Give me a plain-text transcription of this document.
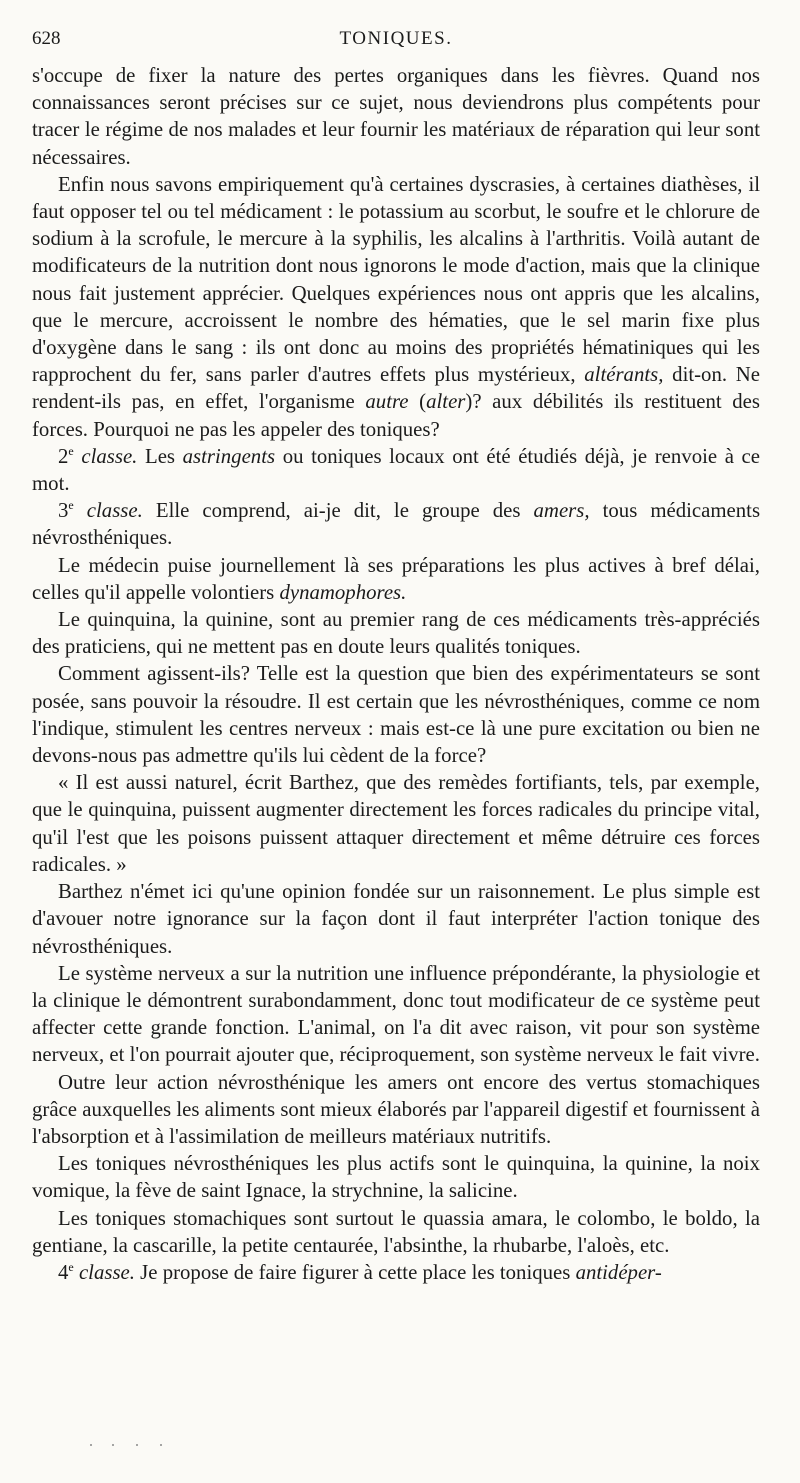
628	TONIQUES.

s'occupe de fixer la nature des pertes organiques dans les fièvres. Quand nos connaissances seront précises sur ce sujet, nous deviendrons plus compétents pour tracer le régime de nos malades et leur fournir les matériaux de réparation qui leur sont nécessaires.

Enfin nous savons empiriquement qu'à certaines dyscrasies, à certaines diathèses, il faut opposer tel ou tel médicament : le potassium au scorbut, le soufre et le chlorure de sodium à la scrofule, le mercure à la syphilis, les alcalins à l'arthritis. Voilà autant de modificateurs de la nutrition dont nous ignorons le mode d'action, mais que la clinique nous fait justement apprécier. Quelques expériences nous ont appris que les alcalins, que le mercure, accroissent le nombre des hématies, que le sel marin fixe plus d'oxygène dans le sang : ils ont donc au moins des propriétés hématiniques qui les rapprochent du fer, sans parler d'autres effets plus mystérieux, altérants, dit-on. Ne rendent-ils pas, en effet, l'organisme autre (alter)? aux débilités ils restituent des forces. Pourquoi ne pas les appeler des toniques?

2e classe. Les astringents ou toniques locaux ont été étudiés déjà, je renvoie à ce mot.

3e classe. Elle comprend, ai-je dit, le groupe des amers, tous médicaments névrosthéniques.

Le médecin puise journellement là ses préparations les plus actives à bref délai, celles qu'il appelle volontiers dynamophores.

Le quinquina, la quinine, sont au premier rang de ces médicaments très-appréciés des praticiens, qui ne mettent pas en doute leurs qualités toniques.

Comment agissent-ils? Telle est la question que bien des expérimentateurs se sont posée, sans pouvoir la résoudre. Il est certain que les névrosthéniques, comme ce nom l'indique, stimulent les centres nerveux : mais est-ce là une pure excitation ou bien ne devons-nous pas admettre qu'ils lui cèdent de la force?

« Il est aussi naturel, écrit Barthez, que des remèdes fortifiants, tels, par exemple, que le quinquina, puissent augmenter directement les forces radicales du principe vital, qu'il l'est que les poisons puissent attaquer directement et même détruire ces forces radicales. »

Barthez n'émet ici qu'une opinion fondée sur un raisonnement. Le plus simple est d'avouer notre ignorance sur la façon dont il faut interpréter l'action tonique des névrosthéniques.

Le système nerveux a sur la nutrition une influence prépondérante, la physiologie et la clinique le démontrent surabondamment, donc tout modificateur de ce système peut affecter cette grande fonction. L'animal, on l'a dit avec raison, vit pour son système nerveux, et l'on pourrait ajouter que, réciproquement, son système nerveux le fait vivre.

Outre leur action névrosthénique les amers ont encore des vertus stomachiques grâce auxquelles les aliments sont mieux élaborés par l'appareil digestif et fournissent à l'absorption et à l'assimilation de meilleurs matériaux nutritifs.

Les toniques névrosthéniques les plus actifs sont le quinquina, la quinine, la noix vomique, la fève de saint Ignace, la strychnine, la salicine.

Les toniques stomachiques sont surtout le quassia amara, le colombo, le boldo, la gentiane, la cascarille, la petite centaurée, l'absinthe, la rhubarbe, l'aloès, etc.

4e classe. Je propose de faire figurer à cette place les toniques antidéper-
